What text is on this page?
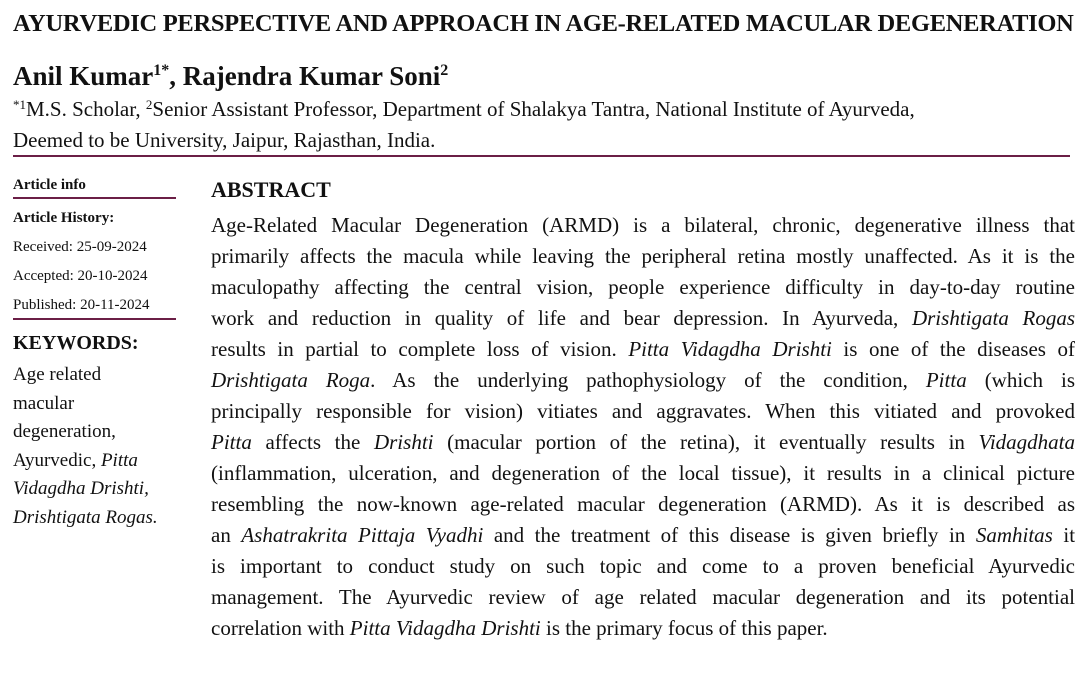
AYURVEDIC PERSPECTIVE AND APPROACH IN AGE-RELATED MACULAR DEGENERATION
Anil Kumar$^{1*}$, Rajendra Kumar Soni$^2$
$^{*1}$M.S. Scholar, $^2$Senior Assistant Professor, Department of Shalakya Tantra, National Institute of Ayurveda,
Deemed to be University, Jaipur, Rajasthan, India.
Article info
Article History:
Received: 25-09-2024
Accepted: 20-10-2024
Published: 20-11-2024
KEYWORDS:
Age related
macular
degeneration,
Ayurvedic, Pitta
Vidagdha Drishti,
Drishtigata Rogas.
ABSTRACT
Age-Related Macular Degeneration (ARMD) is a bilateral, chronic, degenerative illness that
primarily affects the macula while leaving the peripheral retina mostly unaffected. As it is the
maculopathy affecting the central vision, people experience difficulty in day-to-day routine
work and reduction in quality of life and bear depression. In Ayurveda, Drishtigata Rogas
results in partial to complete loss of vision. Pitta Vidagdha Drishti is one of the diseases of
Drishtigata Roga. As the underlying pathophysiology of the condition, Pitta (which is
principally responsible for vision) vitiates and aggravates. When this vitiated and provoked
Pitta affects the Drishti (macular portion of the retina), it eventually results in Vidagdhata
(inflammation, ulceration, and degeneration of the local tissue), it results in a clinical picture
resembling the now-known age-related macular degeneration (ARMD). As it is described as
an Ashatrakrita Pittaja Vyadhi and the treatment of this disease is given briefly in Samhitas it
is important to conduct study on such topic and come to a proven beneficial Ayurvedic
management. The Ayurvedic review of age related macular degeneration and its potential
correlation with Pitta Vidagdha Drishti is the primary focus of this paper.
